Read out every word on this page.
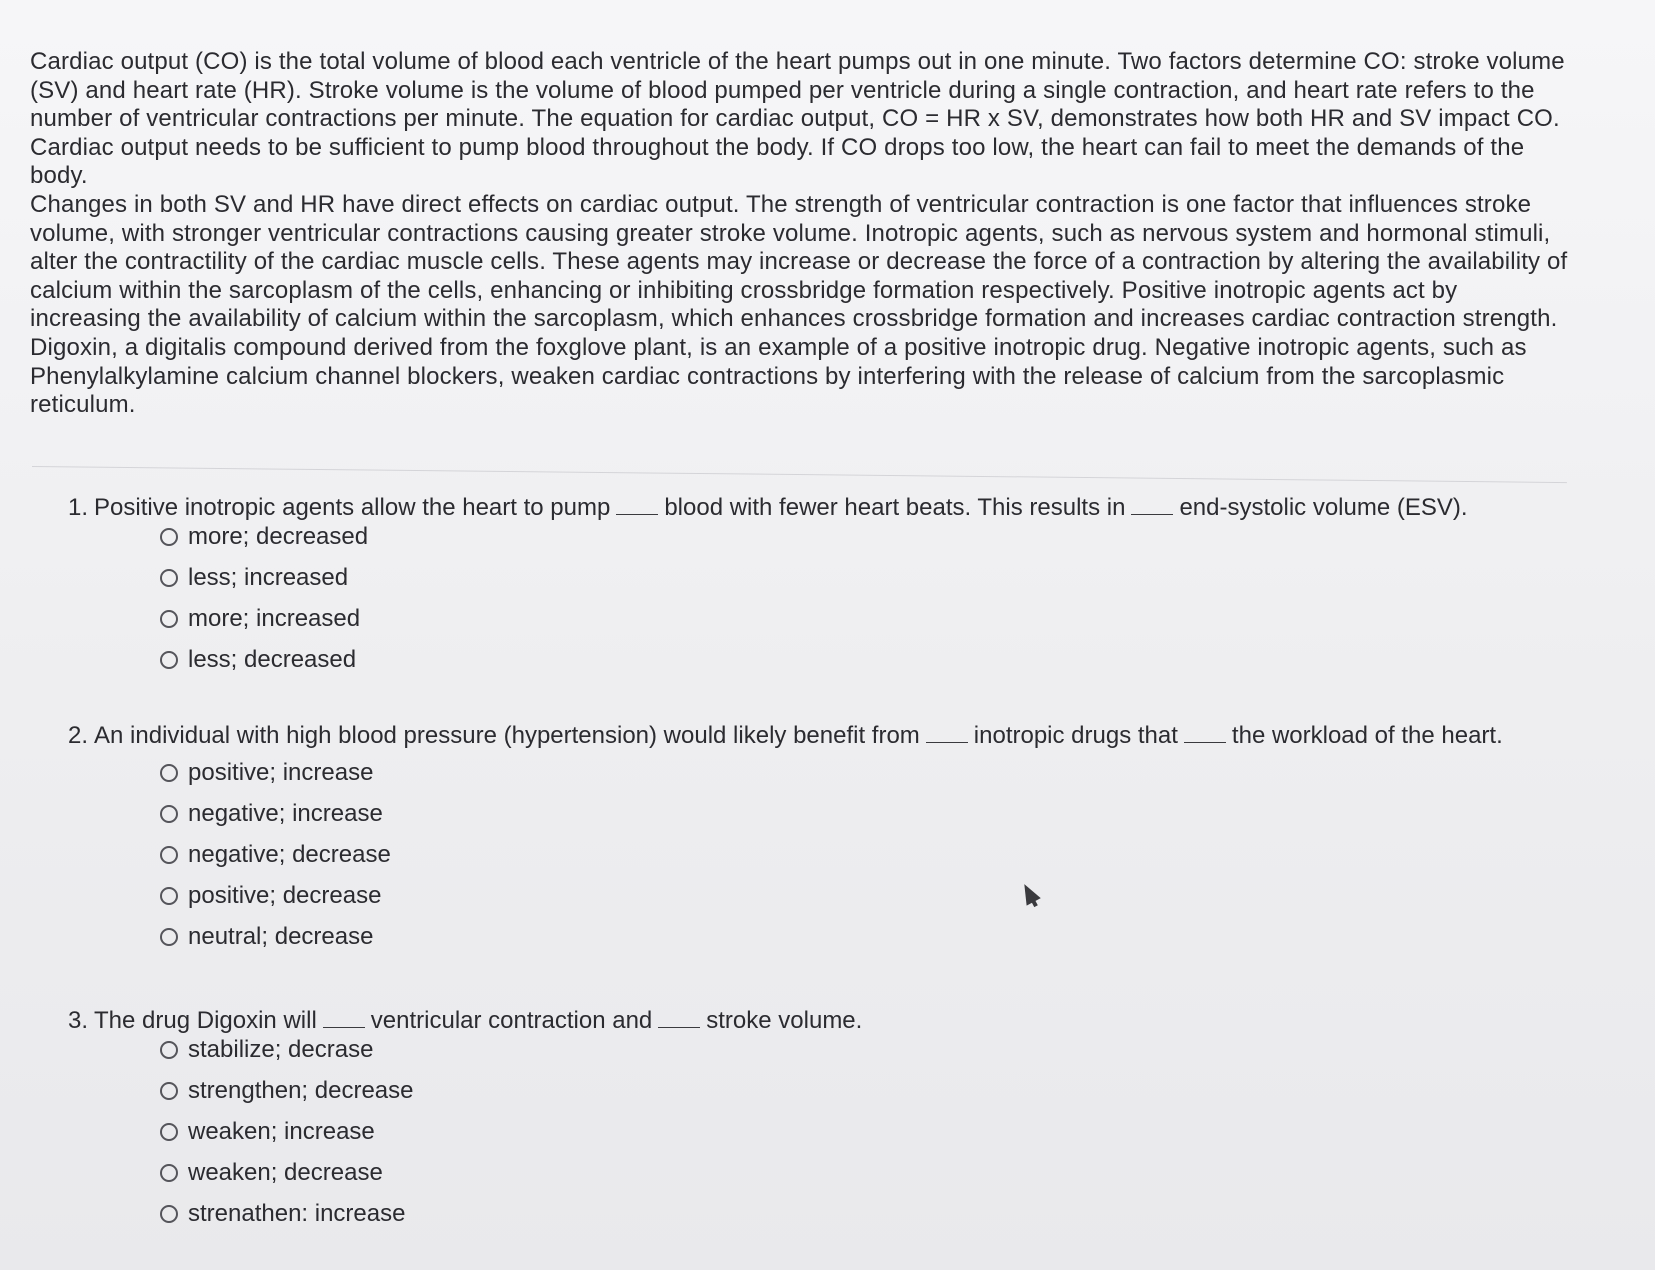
Cardiac output (CO) is the total volume of blood each ventricle of the heart pumps out in one minute. Two factors determine CO: stroke volume (SV) and heart rate (HR). Stroke volume is the volume of blood pumped per ventricle during a single contraction, and heart rate refers to the number of ventricular contractions per minute. The equation for cardiac output, CO = HR x SV, demonstrates how both HR and SV impact CO. Cardiac output needs to be sufficient to pump blood throughout the body. If CO drops too low, the heart can fail to meet the demands of the body.

Changes in both SV and HR have direct effects on cardiac output. The strength of ventricular contraction is one factor that influences stroke volume, with stronger ventricular contractions causing greater stroke volume. Inotropic agents, such as nervous system and hormonal stimuli, alter the contractility of the cardiac muscle cells. These agents may increase or decrease the force of a contraction by altering the availability of calcium within the sarcoplasm of the cells, enhancing or inhibiting crossbridge formation respectively. Positive inotropic agents act by increasing the availability of calcium within the sarcoplasm, which enhances crossbridge formation and increases cardiac contraction strength. Digoxin, a digitalis compound derived from the foxglove plant, is an example of a positive inotropic drug. Negative inotropic agents, such as Phenylalkylamine calcium channel blockers, weaken cardiac contractions by interfering with the release of calcium from the sarcoplasmic reticulum.

1. Positive inotropic agents allow the heart to pump blood with fewer heart beats. This results in end-systolic volume (ESV).
more; decreased
less; increased
more; increased
less; decreased
2. An individual with high blood pressure (hypertension) would likely benefit from inotropic drugs that the workload of the heart.
positive; increase
negative; increase
negative; decrease
positive; decrease
neutral; decrease
3. The drug Digoxin will ventricular contraction and stroke volume.
stabilize; decrase
strengthen; decrease
weaken; increase
weaken; decrease
strenathen: increase
